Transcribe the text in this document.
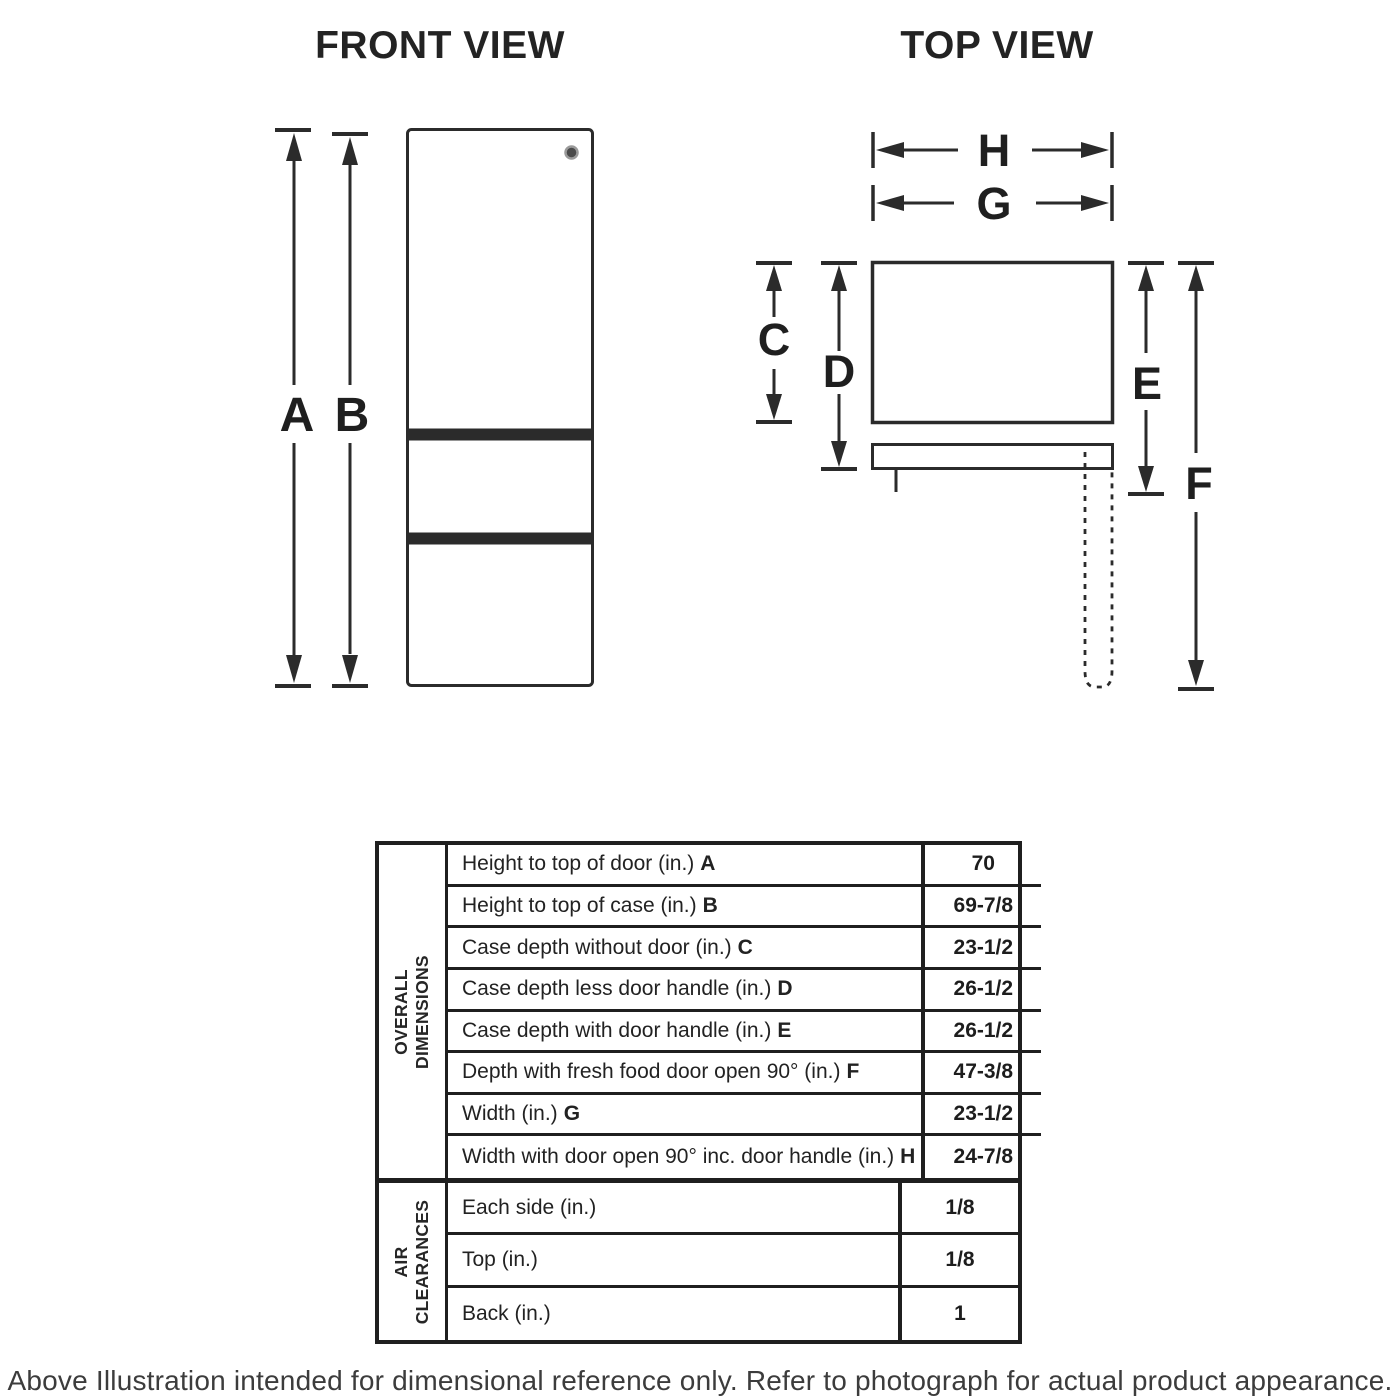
FRONT VIEW	TOP VIEW
A B
H
G
C
D	E
F
OVERALL DIMENSIONS
Height to top of door (in.) A	70
Height to top of case (in.) B	69-7/8
Case depth without door (in.) C	23-1/2
Case depth less door handle (in.) D	26-1/2
Case depth with door handle (in.) E	26-1/2
Depth with fresh food door open 90° (in.) F	47-3/8
Width (in.) G	23-1/2
Width with door open 90° inc. door handle (in.) H	24-7/8
AIR CLEARANCES Each side (in.)	1/8
Top (in.)	1/8
Back (in.)	1
Above Illustration intended for dimensional reference only. Refer to photograph for actual product appearance.
